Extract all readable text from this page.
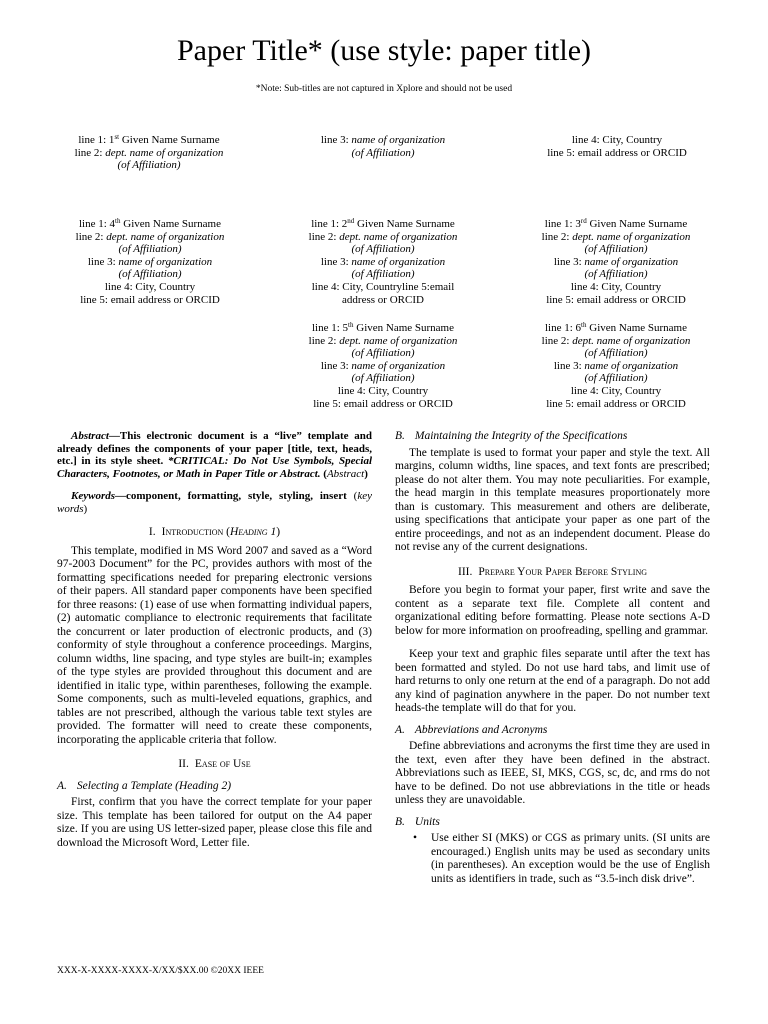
Paper Title* (use style: paper title)
*Note: Sub-titles are not captured in Xplore and should not be used
line 1: 1st Given Name Surname
line 2: dept. name of organization
(of Affiliation)
line 3: name of organization
(of Affiliation)
line 4: City, Country
line 5: email address or ORCID
line 1: 4th Given Name Surname
line 2: dept. name of organization
(of Affiliation)
line 3: name of organization
(of Affiliation)
line 4: City, Country
line 5: email address or ORCID
line 1: 2nd Given Name Surname
line 2: dept. name of organization
(of Affiliation)
line 3: name of organization
(of Affiliation)
line 4: City, Countryline 5:email
address or ORCID
line 1: 3rd Given Name Surname
line 2: dept. name of organization
(of Affiliation)
line 3: name of organization
(of Affiliation)
line 4: City, Country
line 5: email address or ORCID
line 1: 5th Given Name Surname
line 2: dept. name of organization
(of Affiliation)
line 3: name of organization
(of Affiliation)
line 4: City, Country
line 5: email address or ORCID
line 1: 6th Given Name Surname
line 2: dept. name of organization
(of Affiliation)
line 3: name of organization
(of Affiliation)
line 4: City, Country
line 5: email address or ORCID

Abstract—This electronic document is a “live” template and already defines the components of your paper [title, text, heads, etc.] in its style sheet. *CRITICAL: Do Not Use Symbols, Special Characters, Footnotes, or Math in Paper Title or Abstract. (Abstract)

Keywords—component, formatting, style, styling, insert (key words)

I. Introduction (Heading 1)

This template, modified in MS Word 2007 and saved as a “Word 97-2003 Document” for the PC, provides authors with most of the formatting specifications needed for preparing electronic versions of their papers. All standard paper components have been specified for three reasons: (1) ease of use when formatting individual papers, (2) automatic compliance to electronic requirements that facilitate the concurrent or later production of electronic products, and (3) conformity of style throughout a conference proceedings. Margins, column widths, line spacing, and type styles are built-in; examples of the type styles are provided throughout this document and are identified in italic type, within parentheses, following the example. Some components, such as multi-leveled equations, graphics, and tables are not prescribed, although the various table text styles are provided. The formatter will need to create these components, incorporating the applicable criteria that follow.

II. Ease of Use

A. Selecting a Template (Heading 2)

First, confirm that you have the correct template for your paper size. This template has been tailored for output on the A4 paper size. If you are using US letter-sized paper, please close this file and download the Microsoft Word, Letter file.

B. Maintaining the Integrity of the Specifications

The template is used to format your paper and style the text. All margins, column widths, line spaces, and text fonts are prescribed; please do not alter them. You may note peculiarities. For example, the head margin in this template measures proportionately more than is customary. This measurement and others are deliberate, using specifications that anticipate your paper as one part of the entire proceedings, and not as an independent document. Please do not revise any of the current designations.

III. Prepare Your Paper Before Styling

Before you begin to format your paper, first write and save the content as a separate text file. Complete all content and organizational editing before formatting. Please note sections A-D below for more information on proofreading, spelling and grammar.

Keep your text and graphic files separate until after the text has been formatted and styled. Do not use hard tabs, and limit use of hard returns to only one return at the end of a paragraph. Do not add any kind of pagination anywhere in the paper. Do not number text heads-the template will do that for you.

A. Abbreviations and Acronyms

Define abbreviations and acronyms the first time they are used in the text, even after they have been defined in the abstract. Abbreviations such as IEEE, SI, MKS, CGS, sc, dc, and rms do not have to be defined. Do not use abbreviations in the title or heads unless they are unavoidable.

B. Units

• Use either SI (MKS) or CGS as primary units. (SI units are encouraged.) English units may be used as secondary units (in parentheses). An exception would be the use of English units as identifiers in trade, such as “3.5-inch disk drive”.
XXX-X-XXXX-XXXX-X/XX/$XX.00 ©20XX IEEE
